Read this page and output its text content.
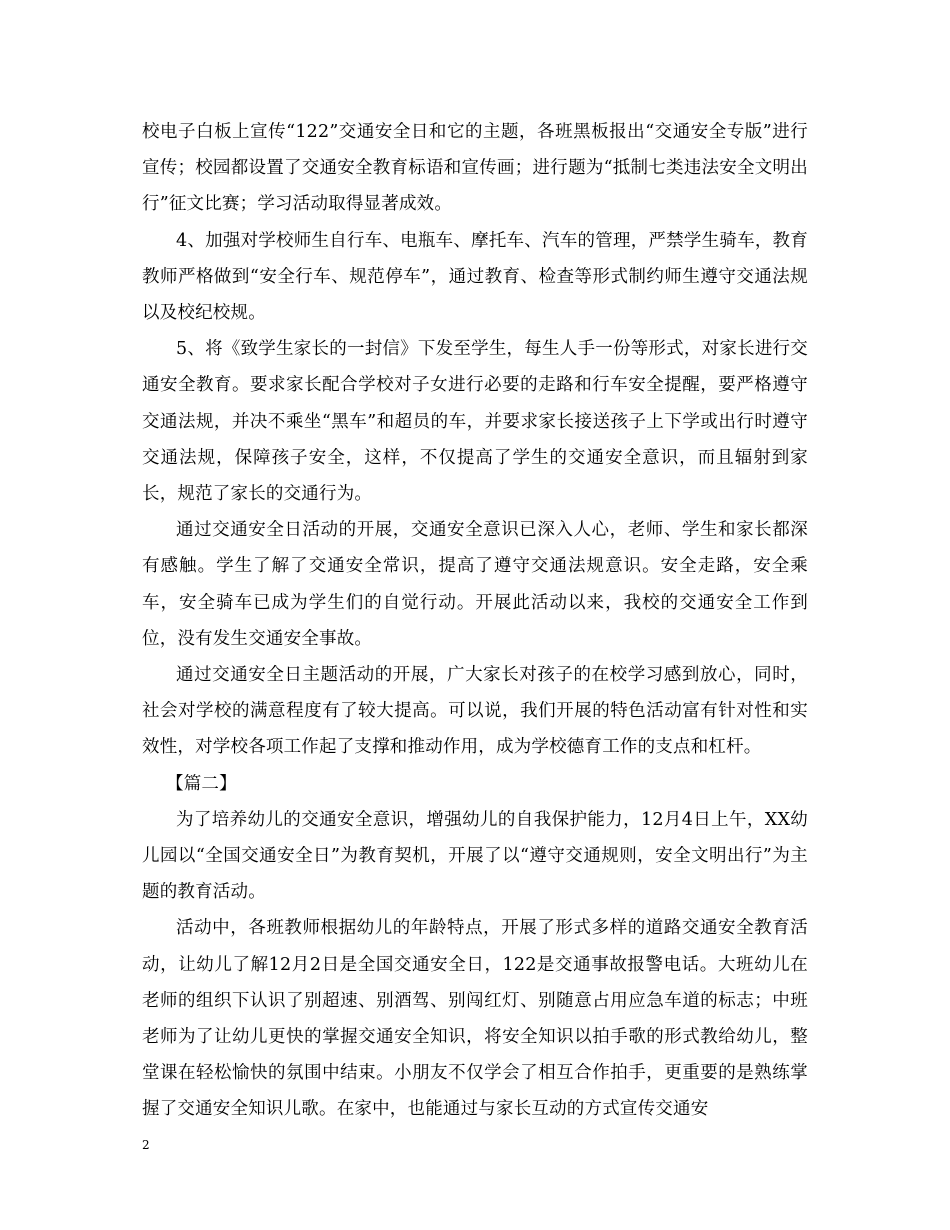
校电子白板上宣传“122”交通安全日和它的主题，各班黑板报出“交通安全专版”进行宣传；校园都设置了交通安全教育标语和宣传画；进行题为“抵制七类违法安全文明出行”征文比赛；学习活动取得显著成效。

4、加强对学校师生自行车、电瓶车、摩托车、汽车的管理，严禁学生骑车，教育教师严格做到“安全行车、规范停车”，通过教育、检查等形式制约师生遵守交通法规以及校纪校规。

5、将《致学生家长的一封信》下发至学生，每生人手一份等形式，对家长进行交通安全教育。要求家长配合学校对子女进行必要的走路和行车安全提醒，要严格遵守交通法规，并决不乘坐“黑车”和超员的车，并要求家长接送孩子上下学或出行时遵守交通法规，保障孩子安全，这样，不仅提高了学生的交通安全意识，而且辐射到家长，规范了家长的交通行为。

通过交通安全日活动的开展，交通安全意识已深入人心，老师、学生和家长都深有感触。学生了解了交通安全常识，提高了遵守交通法规意识。安全走路，安全乘车，安全骑车已成为学生们的自觉行动。开展此活动以来，我校的交通安全工作到位，没有发生交通安全事故。

通过交通安全日主题活动的开展，广大家长对孩子的在校学习感到放心，同时，社会对学校的满意程度有了较大提高。可以说，我们开展的特色活动富有针对性和实效性，对学校各项工作起了支撑和推动作用，成为学校德育工作的支点和杠杆。

【篇二】

为了培养幼儿的交通安全意识，增强幼儿的自我保护能力，12月4日上午，XX幼儿园以“全国交通安全日”为教育契机，开展了以“遵守交通规则，安全文明出行”为主题的教育活动。

活动中，各班教师根据幼儿的年龄特点，开展了形式多样的道路交通安全教育活动，让幼儿了解12月2日是全国交通安全日，122是交通事故报警电话。大班幼儿在老师的组织下认识了别超速、别酒驾、别闯红灯、别随意占用应急车道的标志；中班老师为了让幼儿更快的掌握交通安全知识，将安全知识以拍手歌的形式教给幼儿，整堂课在轻松愉快的氛围中结束。小朋友不仅学会了相互合作拍手，更重要的是熟练掌握了交通安全知识儿歌。在家中，也能通过与家长互动的方式宣传交通安

2
